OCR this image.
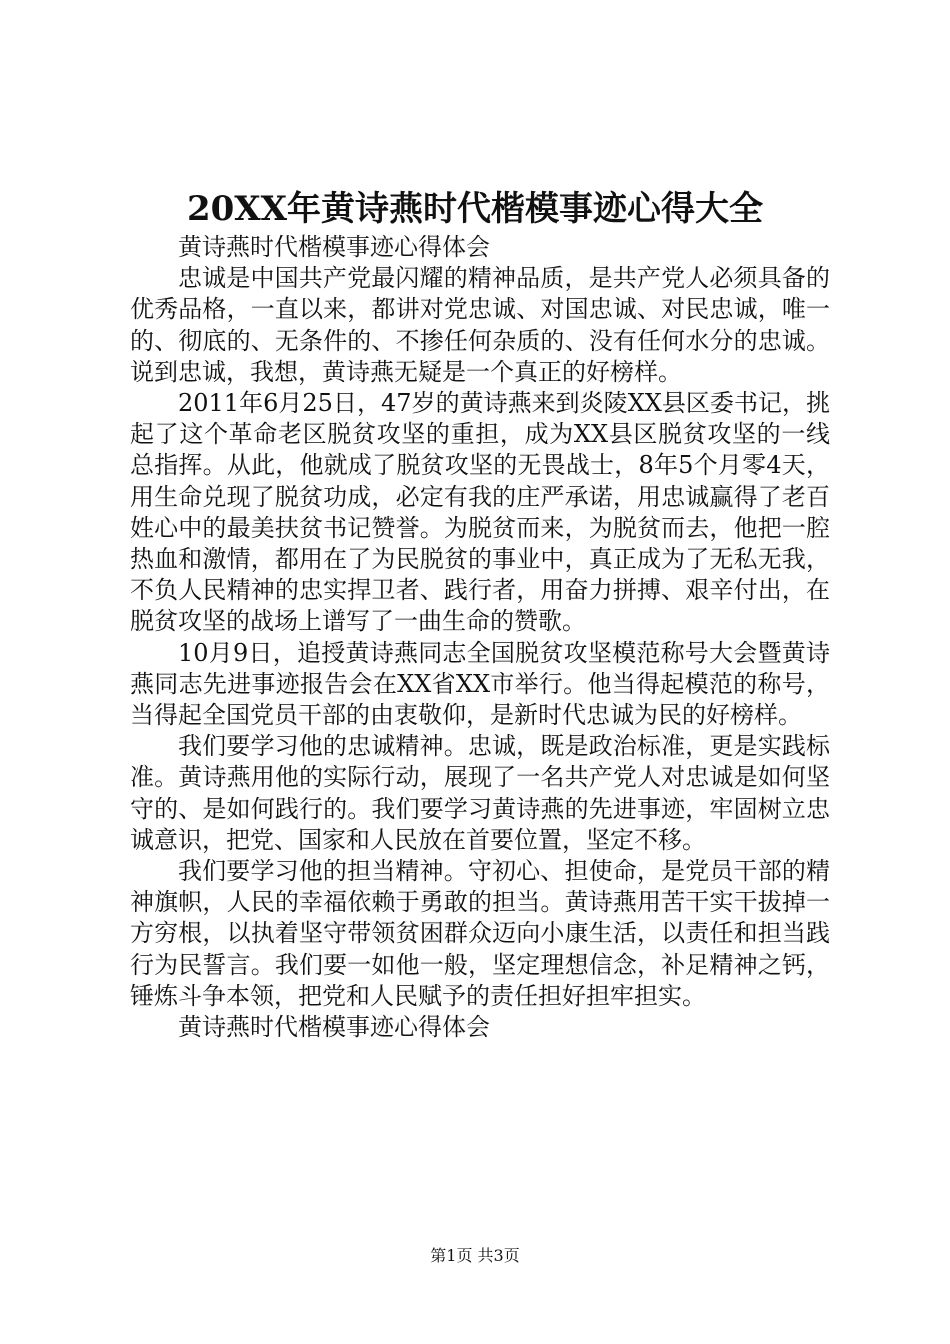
20XX年黄诗燕时代楷模事迹心得大全

黄诗燕时代楷模事迹心得体会

忠诚是中国共产党最闪耀的精神品质，是共产党人必须具备的优秀品格，一直以来，都讲对党忠诚、对国忠诚、对民忠诚，唯一的、彻底的、无条件的、不掺任何杂质的、没有任何水分的忠诚。说到忠诚，我想，黄诗燕无疑是一个真正的好榜样。

2011年6月25日，47岁的黄诗燕来到炎陵XX县区委书记，挑起了这个革命老区脱贫攻坚的重担，成为XX县区脱贫攻坚的一线总指挥。从此，他就成了脱贫攻坚的无畏战士，8年5个月零4天，用生命兑现了脱贫功成，必定有我的庄严承诺，用忠诚赢得了老百姓心中的最美扶贫书记赞誉。为脱贫而来，为脱贫而去，他把一腔热血和激情，都用在了为民脱贫的事业中，真正成为了无私无我，不负人民精神的忠实捍卫者、践行者，用奋力拼搏、艰辛付出，在脱贫攻坚的战场上谱写了一曲生命的赞歌。

10月9日，追授黄诗燕同志全国脱贫攻坚模范称号大会暨黄诗燕同志先进事迹报告会在XX省XX市举行。他当得起模范的称号，当得起全国党员干部的由衷敬仰，是新时代忠诚为民的好榜样。

我们要学习他的忠诚精神。忠诚，既是政治标准，更是实践标准。黄诗燕用他的实际行动，展现了一名共产党人对忠诚是如何坚守的、是如何践行的。我们要学习黄诗燕的先进事迹，牢固树立忠诚意识，把党、国家和人民放在首要位置，坚定不移。

我们要学习他的担当精神。守初心、担使命，是党员干部的精神旗帜，人民的幸福依赖于勇敢的担当。黄诗燕用苦干实干拔掉一方穷根，以执着坚守带领贫困群众迈向小康生活，以责任和担当践行为民誓言。我们要一如他一般，坚定理想信念，补足精神之钙，锤炼斗争本领，把党和人民赋予的责任担好担牢担实。

黄诗燕时代楷模事迹心得体会

第1页 共3页
